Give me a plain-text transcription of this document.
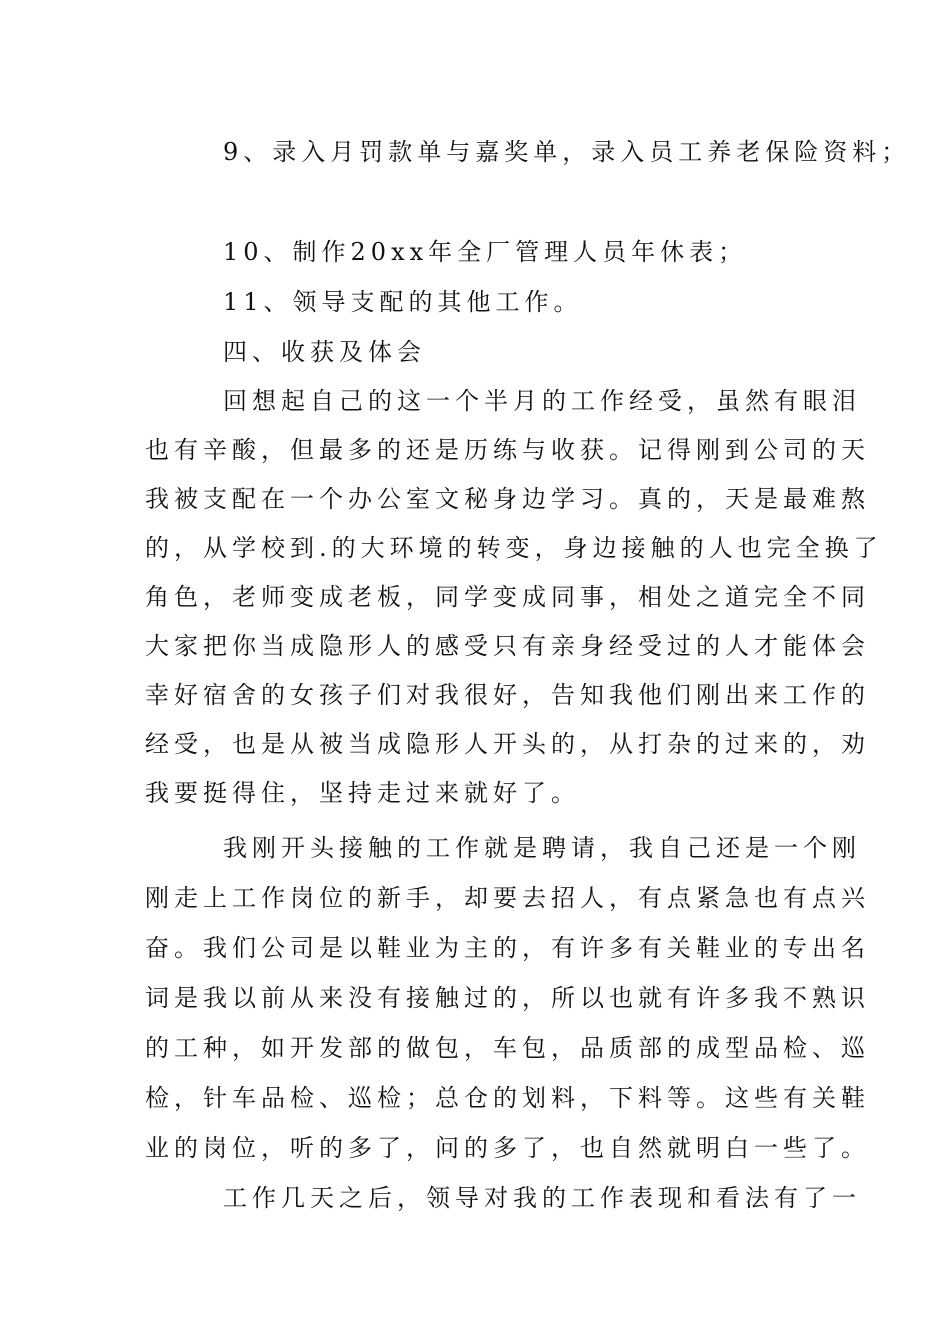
9、录入月罚款单与嘉奖单，录入员工养老保险资料；
10、制作20xx年全厂管理人员年休表；
11、领导支配的其他工作。
四、收获及体会
回想起自己的这一个半月的工作经受，虽然有眼泪
也有辛酸，但最多的还是历练与收获。记得刚到公司的天
我被支配在一个办公室文秘身边学习。真的，天是最难熬
的，从学校到.的大环境的转变，身边接触的人也完全换了
角色，老师变成老板，同学变成同事，相处之道完全不同
大家把你当成隐形人的感受只有亲身经受过的人才能体会
幸好宿舍的女孩子们对我很好，告知我他们刚出来工作的
经受，也是从被当成隐形人开头的，从打杂的过来的，劝
我要挺得住，坚持走过来就好了。
我刚开头接触的工作就是聘请，我自己还是一个刚
刚走上工作岗位的新手，却要去招人，有点紧急也有点兴
奋。我们公司是以鞋业为主的，有许多有关鞋业的专出名
词是我以前从来没有接触过的，所以也就有许多我不熟识
的工种，如开发部的做包，车包，品质部的成型品检、巡
检，针车品检、巡检；总仓的划料，下料等。这些有关鞋
业的岗位，听的多了，问的多了，也自然就明白一些了。
工作几天之后，领导对我的工作表现和看法有了一
